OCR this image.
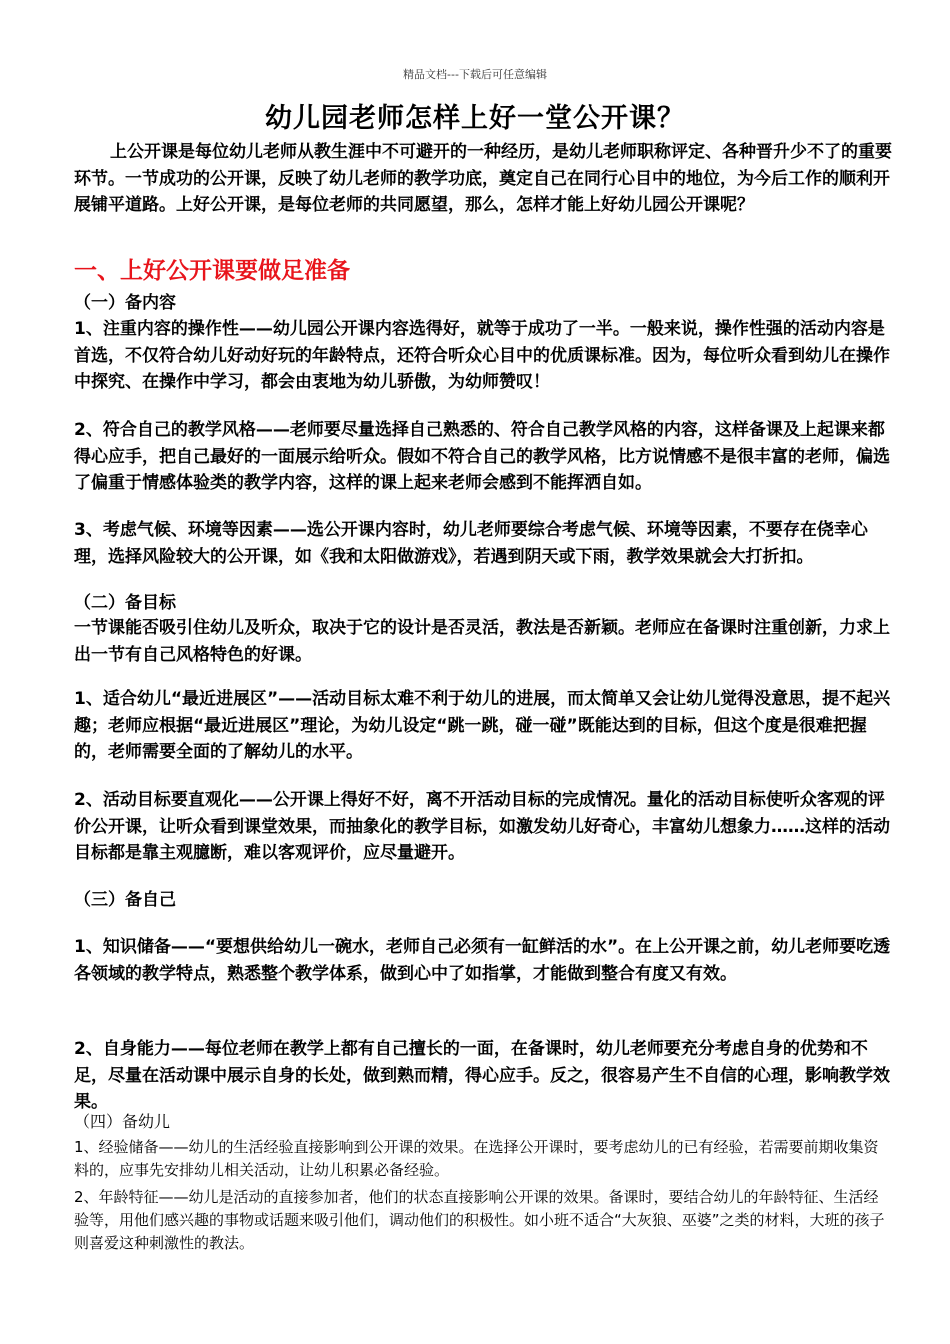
精品文档---下载后可任意编辑
幼儿园老师怎样上好一堂公开课？

上公开课是每位幼儿老师从教生涯中不可避开的一种经历，是幼儿老师职称评定、各种晋升少不了的重要环节。一节成功的公开课，反映了幼儿老师的教学功底，奠定自己在同行心目中的地位，为今后工作的顺利开展铺平道路。上好公开课，是每位老师的共同愿望，那么，怎样才能上好幼儿园公开课呢？

一、上好公开课要做足准备
（一）备内容

1、注重内容的操作性——幼儿园公开课内容选得好，就等于成功了一半。一般来说，操作性强的活动内容是首选，不仅符合幼儿好动好玩的年龄特点，还符合听众心目中的优质课标准。因为，每位听众看到幼儿在操作中探究、在操作中学习，都会由衷地为幼儿骄傲，为幼师赞叹！

2、符合自己的教学风格——老师要尽量选择自己熟悉的、符合自己教学风格的内容，这样备课及上起课来都得心应手，把自己最好的一面展示给听众。假如不符合自己的教学风格，比方说情感不是很丰富的老师，偏选了偏重于情感体验类的教学内容，这样的课上起来老师会感到不能挥洒自如。

3、考虑气候、环境等因素——选公开课内容时，幼儿老师要综合考虑气候、环境等因素，不要存在侥幸心理，选择风险较大的公开课，如《我和太阳做游戏》，若遇到阴天或下雨，教学效果就会大打折扣。

（二）备目标

一节课能否吸引住幼儿及听众，取决于它的设计是否灵活，教法是否新颖。老师应在备课时注重创新，力求上出一节有自己风格特色的好课。

1、适合幼儿“最近进展区”——活动目标太难不利于幼儿的进展，而太简单又会让幼儿觉得没意思，提不起兴趣；老师应根据“最近进展区”理论，为幼儿设定“跳一跳，碰一碰”既能达到的目标，但这个度是很难把握的，老师需要全面的了解幼儿的水平。

2、活动目标要直观化——公开课上得好不好，离不开活动目标的完成情况。量化的活动目标使听众客观的评价公开课，让听众看到课堂效果，而抽象化的教学目标，如激发幼儿好奇心，丰富幼儿想象力……这样的活动目标都是靠主观臆断，难以客观评价，应尽量避开。

（三）备自己

1、知识储备——“要想供给幼儿一碗水，老师自己必须有一缸鲜活的水”。在上公开课之前，幼儿老师要吃透各领域的教学特点，熟悉整个教学体系，做到心中了如指掌，才能做到整合有度又有效。

2、自身能力——每位老师在教学上都有自己擅长的一面，在备课时，幼儿老师要充分考虑自身的优势和不足，尽量在活动课中展示自身的长处，做到熟而精，得心应手。反之，很容易产生不自信的心理，影响教学效果。

（四）备幼儿

1、经验储备——幼儿的生活经验直接影响到公开课的效果。在选择公开课时，要考虑幼儿的已有经验，若需要前期收集资料的，应事先安排幼儿相关活动，让幼儿积累必备经验。

2、年龄特征——幼儿是活动的直接参加者，他们的状态直接影响公开课的效果。备课时，要结合幼儿的年龄特征、生活经验等，用他们感兴趣的事物或话题来吸引他们，调动他们的积极性。如小班不适合“大灰狼、巫婆”之类的材料，大班的孩子则喜爱这种刺激性的教法。
